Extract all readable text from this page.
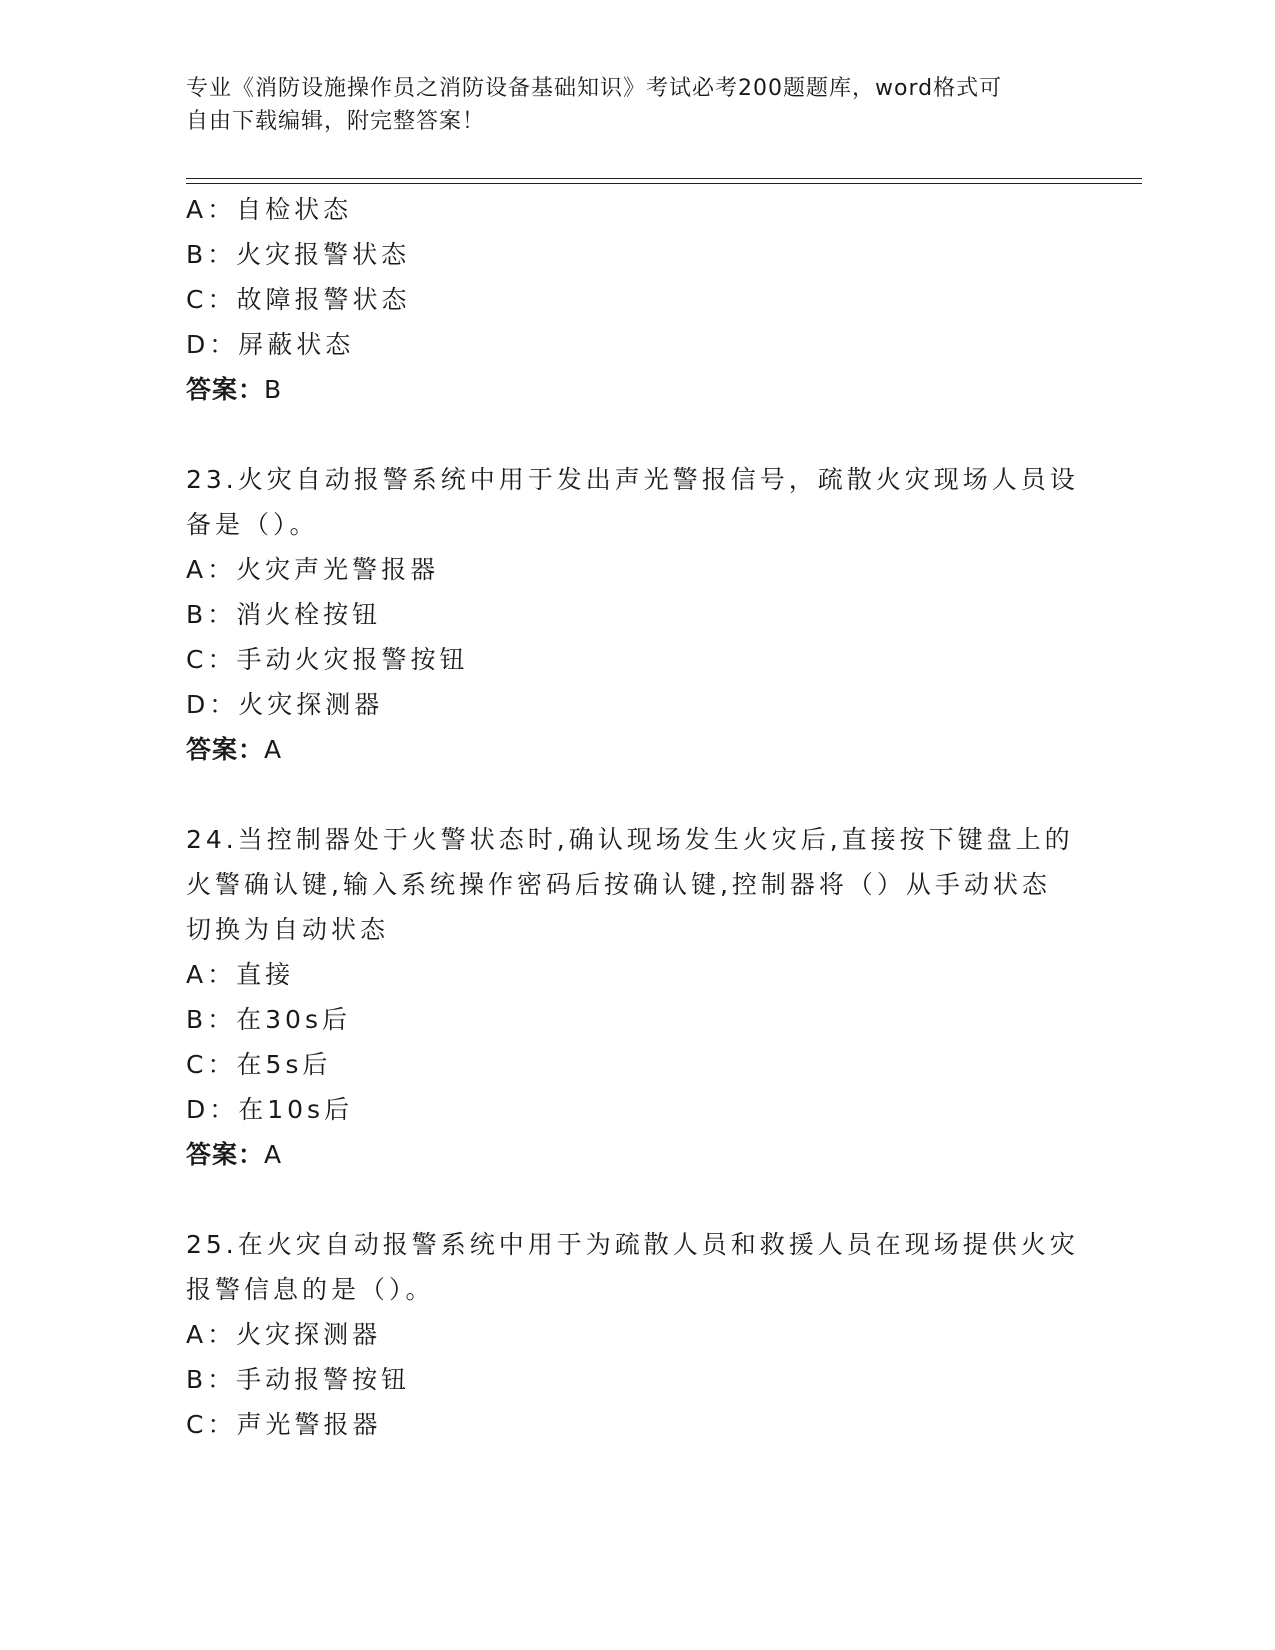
专业《消防设施操作员之消防设备基础知识》考试必考200题题库，word格式可
自由下载编辑，附完整答案！
A：自检状态
B：火灾报警状态
C：故障报警状态
D：屏蔽状态
答案：B
23.火灾自动报警系统中用于发出声光警报信号，疏散火灾现场人员设
备是（）。
A：火灾声光警报器
B：消火栓按钮
C：手动火灾报警按钮
D：火灾探测器
答案：A
24.当控制器处于火警状态时,确认现场发生火灾后,直接按下键盘上的
火警确认键,输入系统操作密码后按确认键,控制器将（）从手动状态
切换为自动状态
A：直接
B：在30s后
C：在5s后
D：在10s后
答案：A
25.在火灾自动报警系统中用于为疏散人员和救援人员在现场提供火灾
报警信息的是（）。
A：火灾探测器
B：手动报警按钮
C：声光警报器
